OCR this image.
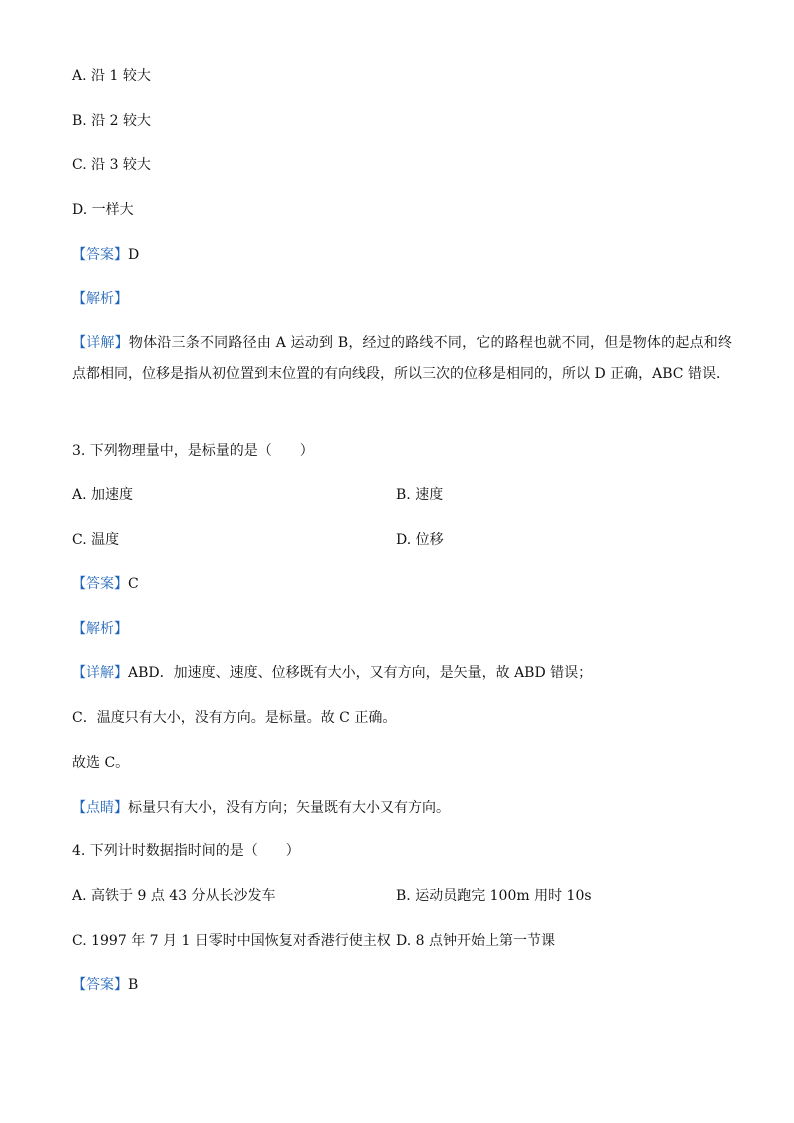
A. 沿 1 较大
B. 沿 2 较大
C. 沿 3 较大
D. 一样大
【答案】D
【解析】
【详解】物体沿三条不同路径由 A 运动到 B，经过的路线不同，它的路程也就不同，但是物体的起点和终点都相同，位移是指从初位置到末位置的有向线段，所以三次的位移是相同的，所以 D 正确，ABC 错误．
3. 下列物理量中，是标量的是（　　）
A. 加速度	B. 速度
C. 温度	D. 位移
【答案】C
【解析】
【详解】ABD．加速度、速度、位移既有大小，又有方向，是矢量，故 ABD 错误；
C．温度只有大小，没有方向。是标量。故 C 正确。
故选 C。
【点睛】标量只有大小，没有方向；矢量既有大小又有方向。
4. 下列计时数据指时间的是（　　）
A. 高铁于 9 点 43 分从长沙发车	B. 运动员跑完 100m 用时 10s
C. 1997 年 7 月 1 日零时中国恢复对香港行使主权 D. 8 点钟开始上第一节课
【答案】B
